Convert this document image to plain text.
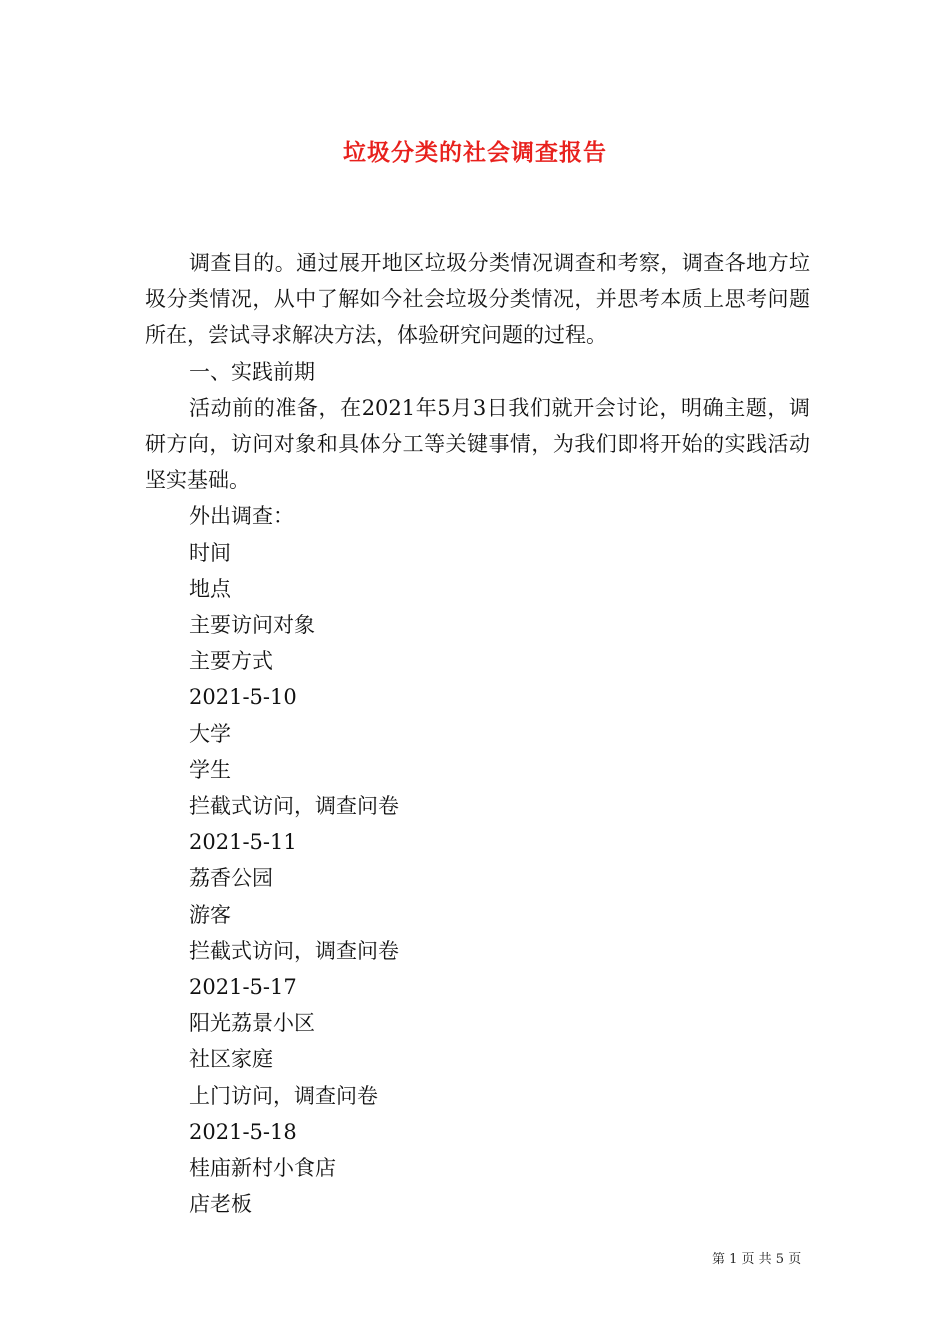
垃圾分类的社会调查报告

调查目的。通过展开地区垃圾分类情况调查和考察，调查各地方垃圾分类情况，从中了解如今社会垃圾分类情况，并思考本质上思考问题所在，尝试寻求解决方法，体验研究问题的过程。

一、实践前期

活动前的准备，在2021年5月3日我们就开会讨论，明确主题，调研方向，访问对象和具体分工等关键事情，为我们即将开始的实践活动坚实基础。

外出调查：

时间

地点

主要访问对象

主要方式

2021-5-10

大学

学生

拦截式访问，调查问卷

2021-5-11

荔香公园

游客

拦截式访问，调查问卷

2021-5-17

阳光荔景小区

社区家庭

上门访问，调查问卷

2021-5-18

桂庙新村小食店

店老板

第 1 页 共 5 页
